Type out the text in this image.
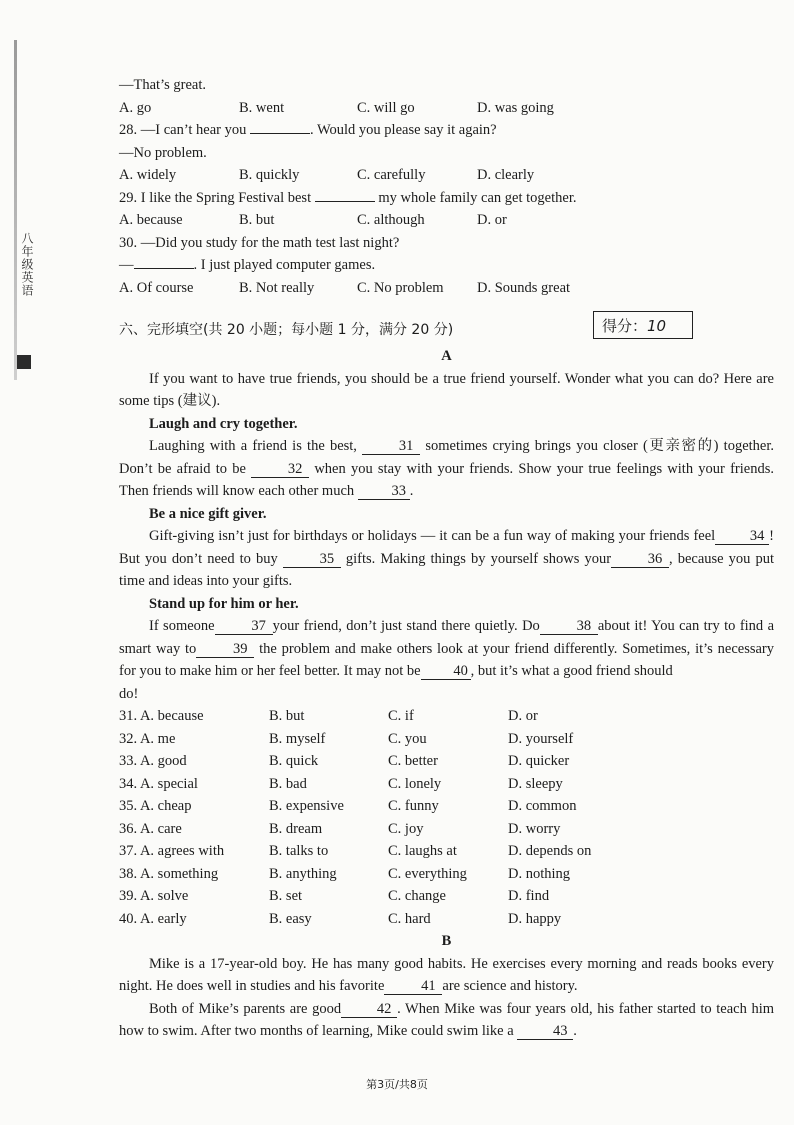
八年级英语
—That’s great.
A. go	B. went	C. will go	D. was going
28. —I can’t hear you	. Would you please say it again?
—No problem.
A. widely	B. quickly	C. carefully	D. clearly
29. I like the Spring Festival best	my whole family can get together.
A. because	B. but	C. although	D. or
30. —Did you study for the math test last night?
—	. I just played computer games.
A. Of course	B. Not really	C. No problem	D. Sounds great
六、完形填空(共 20 小题；每小题 1 分，满分 20 分)	得分：10
A
If you want to have true friends, you should be a true friend yourself. Wonder what you can do? Here are some tips (建议).
Laugh and cry together.
Laughing with a friend is the best,	31 sometimes crying brings you closer (更亲密的) together. Don’t be afraid to be	32 when you stay with your friends. Show your true feelings with your friends. Then friends will know each other much	33 .
Be a nice gift giver.
Gift-giving isn’t just for birthdays or holidays — it can be a fun way of making your friends feel 34 ! But you don’t need to buy	35 gifts. Making things by yourself shows your	36 , because you put time and ideas into your gifts.
Stand up for him or her.
If someone	37 your friend, don’t just stand there quietly. Do	38 about it! You can try to find a smart way to	39 the problem and make others look at your friend differently. Sometimes, it’s necessary for you to make him or her feel better. It may not be 40 , but it’s what a good friend should
do!
31. A. because	B. but	C. if	D. or
32. A. me	B. myself	C. you	D. yourself
33. A. good	B. quick	C. better	D. quicker
34. A. special	B. bad	C. lonely	D. sleepy
35. A. cheap	B. expensive	C. funny	D. common
36. A. care	B. dream	C. joy	D. worry
37. A. agrees with	B. talks to	C. laughs at	D. depends on
38. A. something	B. anything	C. everything	D. nothing
39. A. solve	B. set	C. change	D. find
40. A. early	B. easy	C. hard	D. happy
B
Mike is a 17-year-old boy. He has many good habits. He exercises every morning and reads books every night. He does well in studies and his favorite	41 are science and history.
Both of Mike’s parents are good 42 . When Mike was four years old, his father started to teach him how to swim. After two months of learning, Mike could swim like a	43 .
第3页/共8页
